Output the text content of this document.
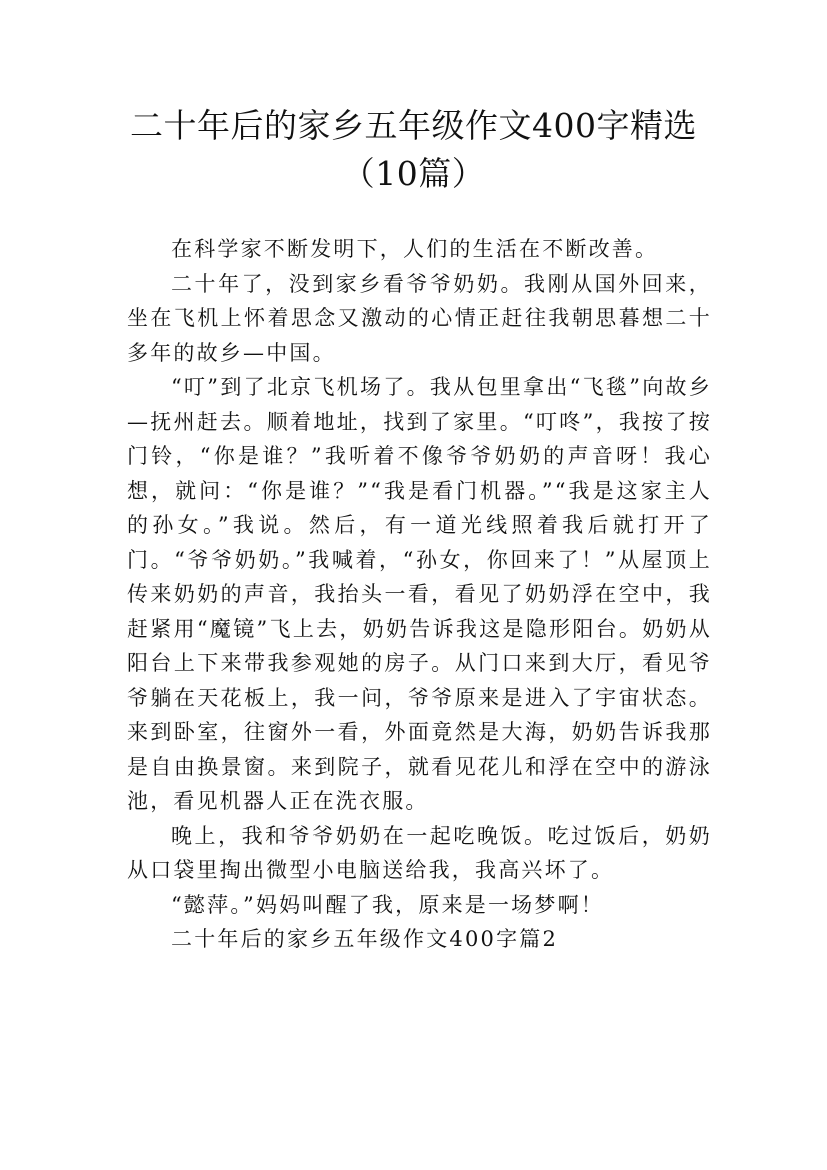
二十年后的家乡五年级作文400字精选（10篇）

在科学家不断发明下，人们的生活在不断改善。

二十年了，没到家乡看爷爷奶奶。我刚从国外回来，坐在飞机上怀着思念又激动的心情正赶往我朝思暮想二十多年的故乡—中国。

“叮”到了北京飞机场了。我从包里拿出“飞毯”向故乡—抚州赶去。顺着地址，找到了家里。“叮咚”，我按了按门铃，“你是谁？”我听着不像爷爷奶奶的声音呀！我心想，就问：“你是谁？”“我是看门机器。”“我是这家主人的孙女。”我说。然后，有一道光线照着我后就打开了门。“爷爷奶奶。”我喊着，“孙女，你回来了！”从屋顶上传来奶奶的声音，我抬头一看，看见了奶奶浮在空中，我赶紧用“魔镜”飞上去，奶奶告诉我这是隐形阳台。奶奶从阳台上下来带我参观她的房子。从门口来到大厅，看见爷爷躺在天花板上，我一问，爷爷原来是进入了宇宙状态。来到卧室，往窗外一看，外面竟然是大海，奶奶告诉我那是自由换景窗。来到院子，就看见花儿和浮在空中的游泳池，看见机器人正在洗衣服。

晚上，我和爷爷奶奶在一起吃晚饭。吃过饭后，奶奶从口袋里掏出微型小电脑送给我，我高兴坏了。

“懿萍。”妈妈叫醒了我，原来是一场梦啊！

二十年后的家乡五年级作文400字篇2
